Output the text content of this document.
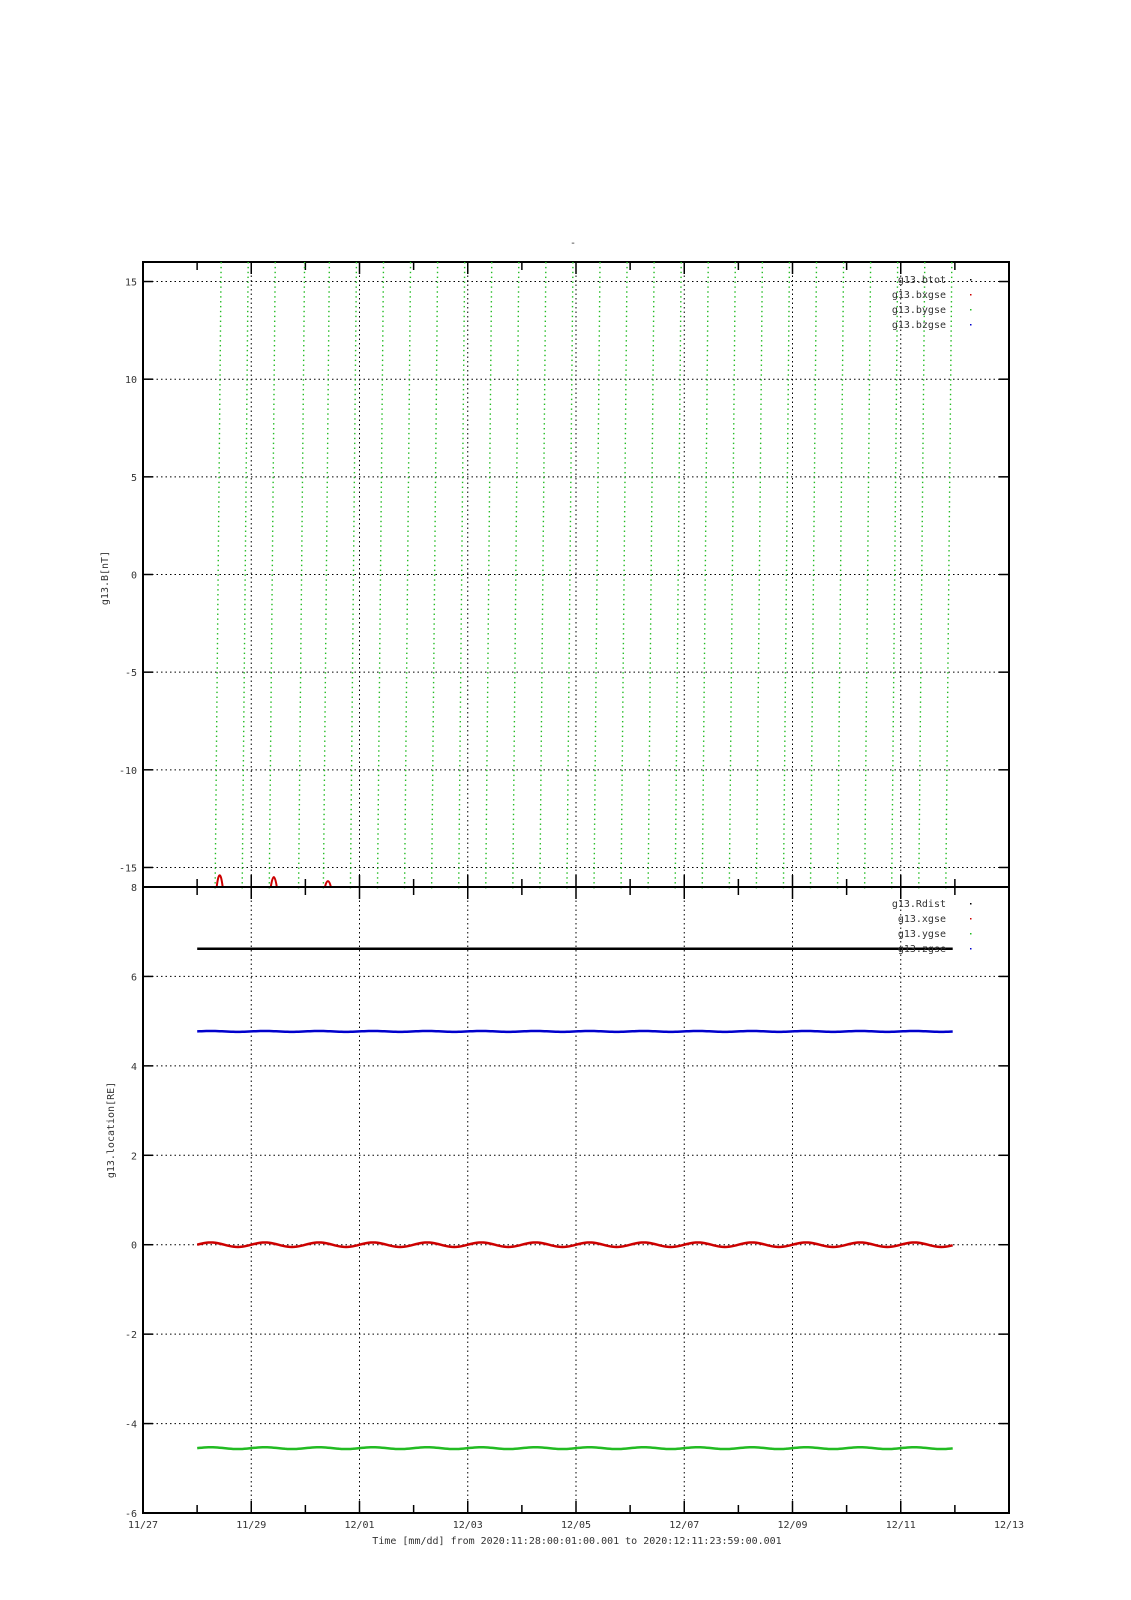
-
-15
-10
-5
0
5
10
15
-6
-4
-2
0
2
4
6
8
11/27	11/29	12/01	12/03	12/05	12/07	12/09	12/11	12/13
g13.btot
g13.bxgse
g13.bygse
g13.bzgse
g13.Rdist
g13.xgse
g13.ygse
g13.zgse
g13.B[nT]
g13.location[RE]
Time [mm/dd] from 2020:11:28:00:01:00.001 to 2020:12:11:23:59:00.001
